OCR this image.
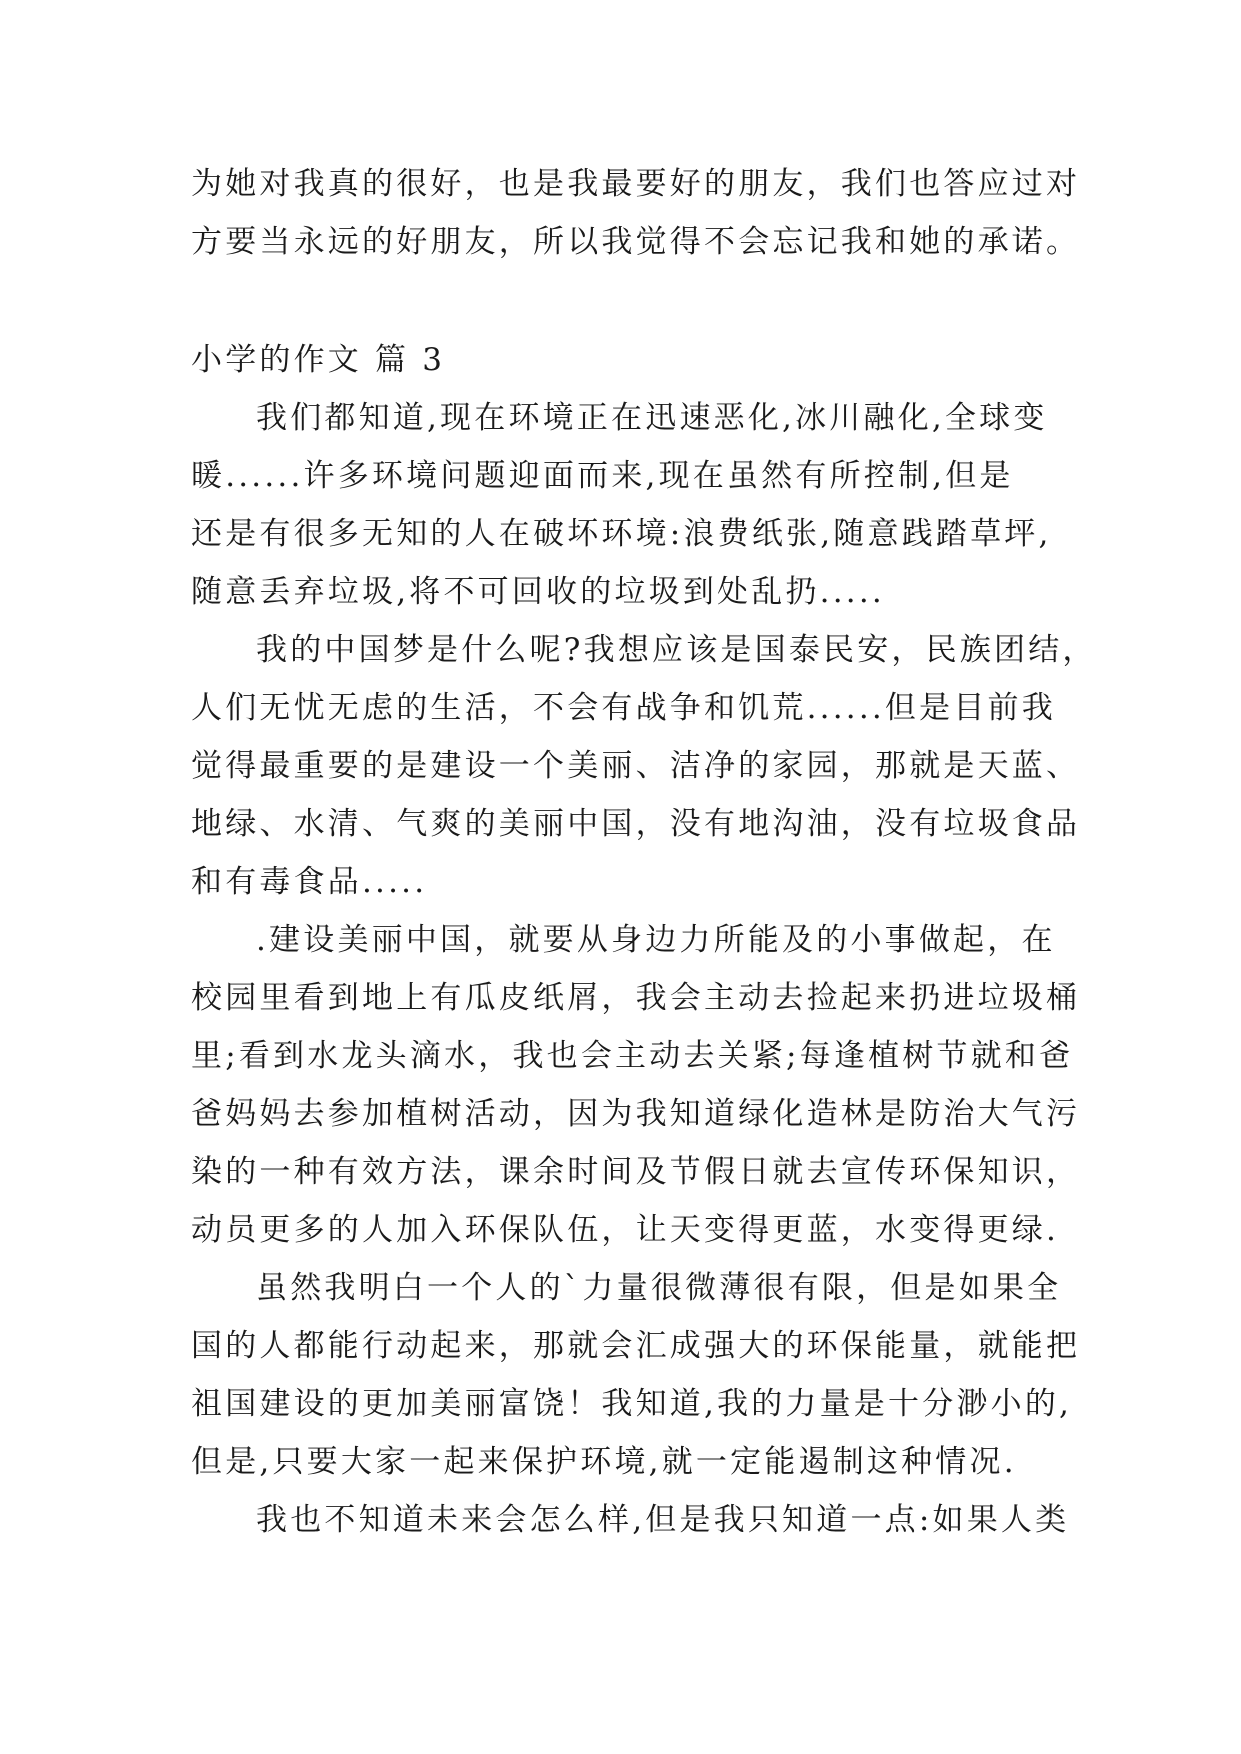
为她对我真的很好，也是我最要好的朋友，我们也答应过对
方要当永远的好朋友，所以我觉得不会忘记我和她的承诺。
小学的作文 篇 3
我们都知道,现在环境正在迅速恶化,冰川融化,全球变
暖......许多环境问题迎面而来,现在虽然有所控制,但是
还是有很多无知的人在破坏环境:浪费纸张,随意践踏草坪,
随意丢弃垃圾,将不可回收的垃圾到处乱扔.....
我的中国梦是什么呢?我想应该是国泰民安，民族团结，
人们无忧无虑的生活，不会有战争和饥荒......但是目前我
觉得最重要的是建设一个美丽、洁净的家园，那就是天蓝、
地绿、水清、气爽的美丽中国，没有地沟油，没有垃圾食品
和有毒食品.....
.建设美丽中国，就要从身边力所能及的小事做起，在
校园里看到地上有瓜皮纸屑，我会主动去捡起来扔进垃圾桶
里;看到水龙头滴水，我也会主动去关紧;每逢植树节就和爸
爸妈妈去参加植树活动，因为我知道绿化造林是防治大气污
染的一种有效方法，课余时间及节假日就去宣传环保知识，
动员更多的人加入环保队伍，让天变得更蓝，水变得更绿.
虽然我明白一个人的`力量很微薄很有限，但是如果全
国的人都能行动起来，那就会汇成强大的环保能量，就能把
祖国建设的更加美丽富饶！我知道,我的力量是十分渺小的,
但是,只要大家一起来保护环境,就一定能遏制这种情况.
我也不知道未来会怎么样,但是我只知道一点:如果人类
